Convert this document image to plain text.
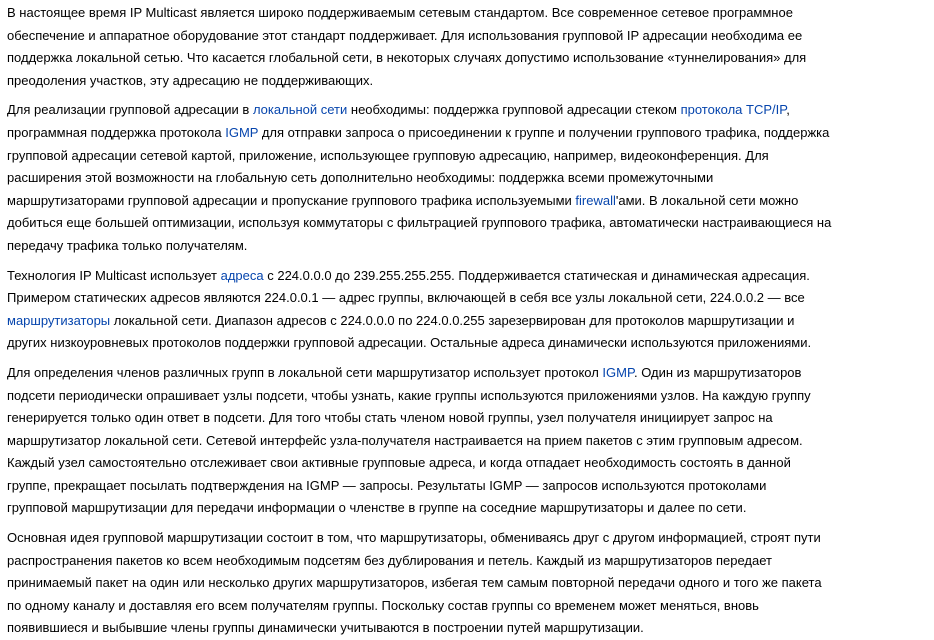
В настоящее время IP Multicast является широко поддерживаемым сетевым стандартом. Все современное сетевое программное
обеспечение и аппаратное оборудование этот стандарт поддерживает. Для использования групповой IP адресации необходима ее
поддержка локальной сетью. Что касается глобальной сети, в некоторых случаях допустимо использование «туннелирования» для
преодоления участков, эту адресацию не поддерживающих.

Для реализации групповой адресации в локальной сети необходимы: поддержка групповой адресации стеком протокола TCP/IP,
программная поддержка протокола IGMP для отправки запроса о присоединении к группе и получении группового трафика, поддержка
групповой адресации сетевой картой, приложение, использующее групповую адресацию, например, видеоконференция. Для
расширения этой возможности на глобальную сеть дополнительно необходимы: поддержка всеми промежуточными
маршрутизаторами групповой адресации и пропускание группового трафика используемыми firewall'ами. В локальной сети можно
добиться еще большей оптимизации, используя коммутаторы с фильтрацией группового трафика, автоматически настраивающиеся на
передачу трафика только получателям.

Технология IP Multicast использует адреса с 224.0.0.0 до 239.255.255.255. Поддерживается статическая и динамическая адресация.
Примером статических адресов являются 224.0.0.1 — адрес группы, включающей в себя все узлы локальной сети, 224.0.0.2 — все
маршрутизаторы локальной сети. Диапазон адресов с 224.0.0.0 по 224.0.0.255 зарезервирован для протоколов маршрутизации и
других низкоуровневых протоколов поддержки групповой адресации. Остальные адреса динамически используются приложениями.

Для определения членов различных групп в локальной сети маршрутизатор использует протокол IGMP. Один из маршрутизаторов
подсети периодически опрашивает узлы подсети, чтобы узнать, какие группы используются приложениями узлов. На каждую группу
генерируется только один ответ в подсети. Для того чтобы стать членом новой группы, узел получателя инициирует запрос на
маршрутизатор локальной сети. Сетевой интерфейс узла-получателя настраивается на прием пакетов с этим групповым адресом.
Каждый узел самостоятельно отслеживает свои активные групповые адреса, и когда отпадает необходимость состоять в данной
группе, прекращает посылать подтверждения на IGMP — запросы. Результаты IGMP — запросов используются протоколами
групповой маршрутизации для передачи информации о членстве в группе на соседние маршрутизаторы и далее по сети.

Основная идея групповой маршрутизации состоит в том, что маршрутизаторы, обмениваясь друг с другом информацией, строят пути
распространения пакетов ко всем необходимым подсетям без дублирования и петель. Каждый из маршрутизаторов передает
принимаемый пакет на один или несколько других маршрутизаторов, избегая тем самым повторной передачи одного и того же пакета
по одному каналу и доставляя его всем получателям группы. Поскольку состав группы со временем может меняться, вновь
появившиеся и выбывшие члены группы динамически учитываются в построении путей маршрутизации.
